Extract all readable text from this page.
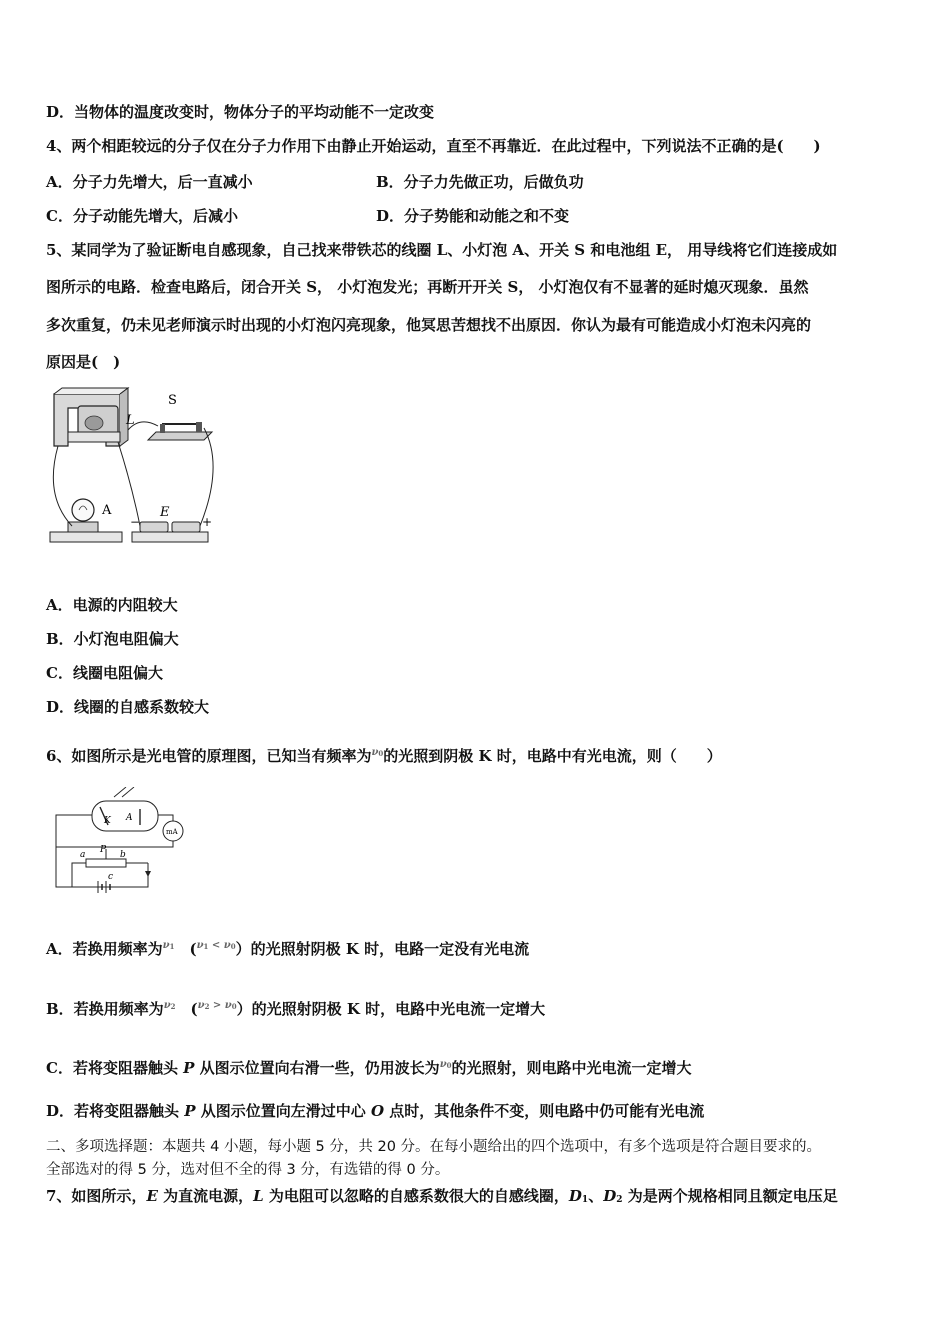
D．当物体的温度改变时，物体分子的平均动能不一定改变
4、两个相距较远的分子仅在分子力作用下由静止开始运动，直至不再靠近．在此过程中，下列说法不正确的是(　　)
A．分子力先增大，后一直减小	B．分子力先做正功，后做负功
C．分子动能先增大，后减小	D．分子势能和动能之和不变
5、某同学为了验证断电自感现象，自己找来带铁芯的线圈 L、小灯泡 A、开关 S 和电池组 E， 用导线将它们连接成如
图所示的电路．检查电路后，闭合开关 S， 小灯泡发光；再断开开关 S， 小灯泡仅有不显著的延时熄灭现象．虽然
多次重复，仍未见老师演示时出现的小灯泡闪亮现象，他冥思苦想找不出原因．你认为最有可能造成小灯泡未闪亮的
原因是(　)
L
S
A	E
−	+
A．电源的内阻较大
B．小灯泡电阻偏大
C．线圈电阻偏大
D．线圈的自感系数较大
6、如图所示是光电管的原理图，已知当有频率为$^{\nu 0}$的光照到阴极 K 时，电路中有光电流，则（　　）
K A
mA
a P b
c
A．若换用频率为$^{\nu 1}$　($^{\nu 1 < \nu 0}$）的光照射阴极 K 时，电路一定没有光电流
B．若换用频率为$^{\nu 2}$　($^{\nu 2 > \nu 0}$）的光照射阴极 K 时，电路中光电流一定增大
C．若将变阻器触头 P 从图示位置向右滑一些，仍用波长为$^{\nu 0}$的光照射，则电路中光电流一定增大
D．若将变阻器触头 P 从图示位置向左滑过中心 O 点时，其他条件不变，则电路中仍可能有光电流
二、多项选择题：本题共 4 小题，每小题 5 分，共 20 分。在每小题给出的四个选项中，有多个选项是符合题目要求的。
全部选对的得 5 分，选对但不全的得 3 分，有选错的得 0 分。
7、如图所示，E 为直流电源，L 为电阻可以忽略的自感系数很大的自感线圈，D1、D2 为是两个规格相同且额定电压足
